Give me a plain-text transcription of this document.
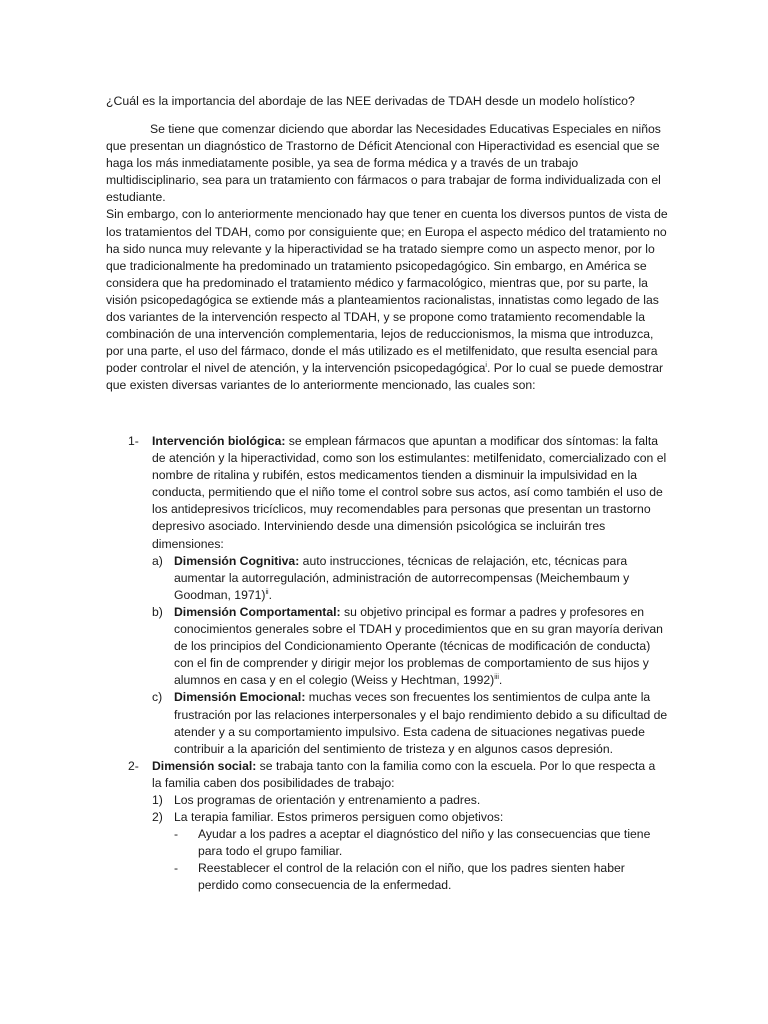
¿Cuál es la importancia del abordaje de las NEE derivadas de TDAH desde un modelo holístico?

Se tiene que comenzar diciendo que abordar las Necesidades Educativas Especiales en niños que presentan un diagnóstico de Trastorno de Déficit Atencional con Hiperactividad es esencial que se haga los más inmediatamente posible, ya sea de forma médica y a través de un trabajo multidisciplinario, sea para un tratamiento con fármacos o para trabajar de forma individualizada con el estudiante.

Sin embargo, con lo anteriormente mencionado hay que tener en cuenta los diversos puntos de vista de los tratamientos del TDAH, como por consiguiente que; en Europa el aspecto médico del tratamiento no ha sido nunca muy relevante y la hiperactividad se ha tratado siempre como un aspecto menor, por lo que tradicionalmente ha predominado un tratamiento psicopedagógico. Sin embargo, en América se considera que ha predominado el tratamiento médico y farmacológico, mientras que, por su parte, la visión psicopedagógica se extiende más a planteamientos racionalistas, innatistas como legado de las dos variantes de la intervención respecto al TDAH, y se propone como tratamiento recomendable la combinación de una intervención complementaria, lejos de reduccionismos, la misma que introduzca, por una parte, el uso del fármaco, donde el más utilizado es el metilfenidato, que resulta esencial para poder controlar el nivel de atención, y la intervención psicopedagógica$^i$. Por lo cual se puede demostrar que existen diversas variantes de lo anteriormente mencionado, las cuales son:

1- Intervención biológica: se emplean fármacos que apuntan a modificar dos síntomas: la falta de atención y la hiperactividad, como son los estimulantes: metilfenidato, comercializado con el nombre de ritalina y rubifén, estos medicamentos tienden a disminuir la impulsividad en la conducta, permitiendo que el niño tome el control sobre sus actos, así como también el uso de los antidepresivos tricíclicos, muy recomendables para personas que presentan un trastorno depresivo asociado. Interviniendo desde una dimensión psicológica se incluirán tres dimensiones:
a) Dimensión Cognitiva: auto instrucciones, técnicas de relajación, etc, técnicas para aumentar la autorregulación, administración de autorrecompensas (Meichembaum y Goodman, 1971)$^{ii}$.
b) Dimensión Comportamental: su objetivo principal es formar a padres y profesores en conocimientos generales sobre el TDAH y procedimientos que en su gran mayoría derivan de los principios del Condicionamiento Operante (técnicas de modificación de conducta) con el fin de comprender y dirigir mejor los problemas de comportamiento de sus hijos y alumnos en casa y en el colegio (Weiss y Hechtman, 1992)$^{iii}$.
c) Dimensión Emocional: muchas veces son frecuentes los sentimientos de culpa ante la frustración por las relaciones interpersonales y el bajo rendimiento debido a su dificultad de atender y a su comportamiento impulsivo. Esta cadena de situaciones negativas puede contribuir a la aparición del sentimiento de tristeza y en algunos casos depresión.
2- Dimensión social: se trabaja tanto con la familia como con la escuela. Por lo que respecta a la familia caben dos posibilidades de trabajo:
1) Los programas de orientación y entrenamiento a padres.
2) La terapia familiar. Estos primeros persiguen como objetivos:
- Ayudar a los padres a aceptar el diagnóstico del niño y las consecuencias que tiene para todo el grupo familiar.
- Reestablecer el control de la relación con el niño, que los padres sienten haber perdido como consecuencia de la enfermedad.
